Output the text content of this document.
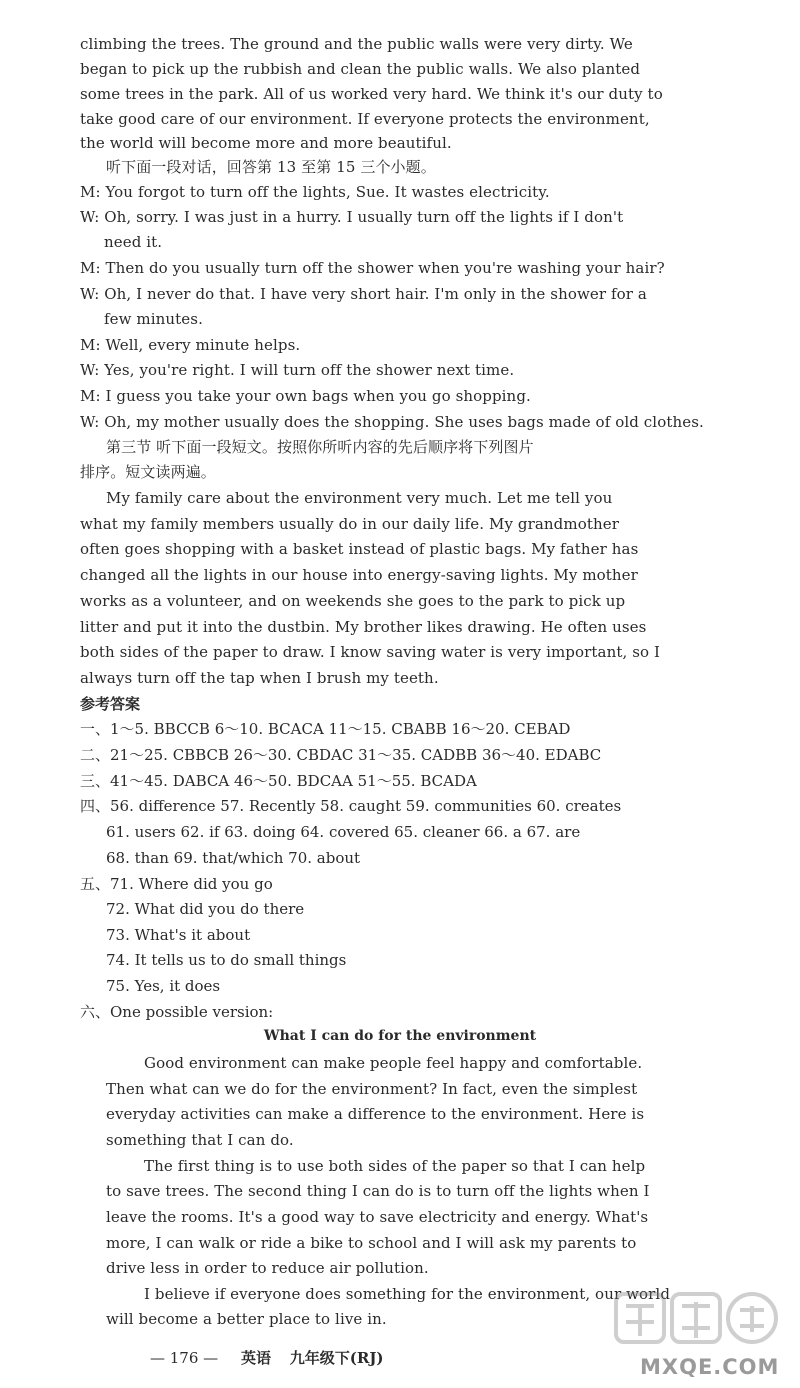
climbing the trees. The ground and the public walls were very dirty. We
began to pick up the rubbish and clean the public walls. We also planted
some trees in the park. All of us worked very hard. We think it's our duty to
take good care of our environment. If everyone protects the environment,
the world will become more and more beautiful.
听下面一段对话，回答第 13 至第 15 三个小题。
M: You forgot to turn off the lights, Sue. It wastes electricity.
W: Oh, sorry. I was just in a hurry. I usually turn off the lights if I don't
need it.
M: Then do you usually turn off the shower when you're washing your hair?
W: Oh, I never do that. I have very short hair. I'm only in the shower for a
few minutes.
M: Well, every minute helps.
W: Yes, you're right. I will turn off the shower next time.
M: I guess you take your own bags when you go shopping.
W: Oh, my mother usually does the shopping. She uses bags made of old clothes.
第三节 听下面一段短文。按照你所听内容的先后顺序将下列图片
排序。短文读两遍。
My family care about the environment very much. Let me tell you
what my family members usually do in our daily life. My grandmother
often goes shopping with a basket instead of plastic bags. My father has
changed all the lights in our house into energy-saving lights. My mother
works as a volunteer, and on weekends she goes to the park to pick up
litter and put it into the dustbin. My brother likes drawing. He often uses
both sides of the paper to draw. I know saving water is very important, so I
always turn off the tap when I brush my teeth.
参考答案
一、1～5. BBCCB 6～10. BCACA 11～15. CBABB 16～20. CEBAD
二、21～25. CBBCB 26～30. CBDAC 31～35. CADBB 36～40. EDABC
三、41～45. DABCA 46～50. BDCAA 51～55. BCADA
四、56. difference 57. Recently 58. caught 59. communities 60. creates
61. users 62. if 63. doing 64. covered 65. cleaner 66. a 67. are
68. than 69. that/which 70. about
五、71. Where did you go
72. What did you do there
73. What's it about
74. It tells us to do small things
75. Yes, it does
六、One possible version:
What I can do for the environment
Good environment can make people feel happy and comfortable.
Then what can we do for the environment? In fact, even the simplest
everyday activities can make a difference to the environment. Here is
something that I can do.
The first thing is to use both sides of the paper so that I can help
to save trees. The second thing I can do is to turn off the lights when I
leave the rooms. It's a good way to save electricity and energy. What's
more, I can walk or ride a bike to school and I will ask my parents to
drive less in order to reduce air pollution.
I believe if everyone does something for the environment, our world
will become a better place to live in.
— 176 — 英语 九年级下(RJ)	MXQE.COM
